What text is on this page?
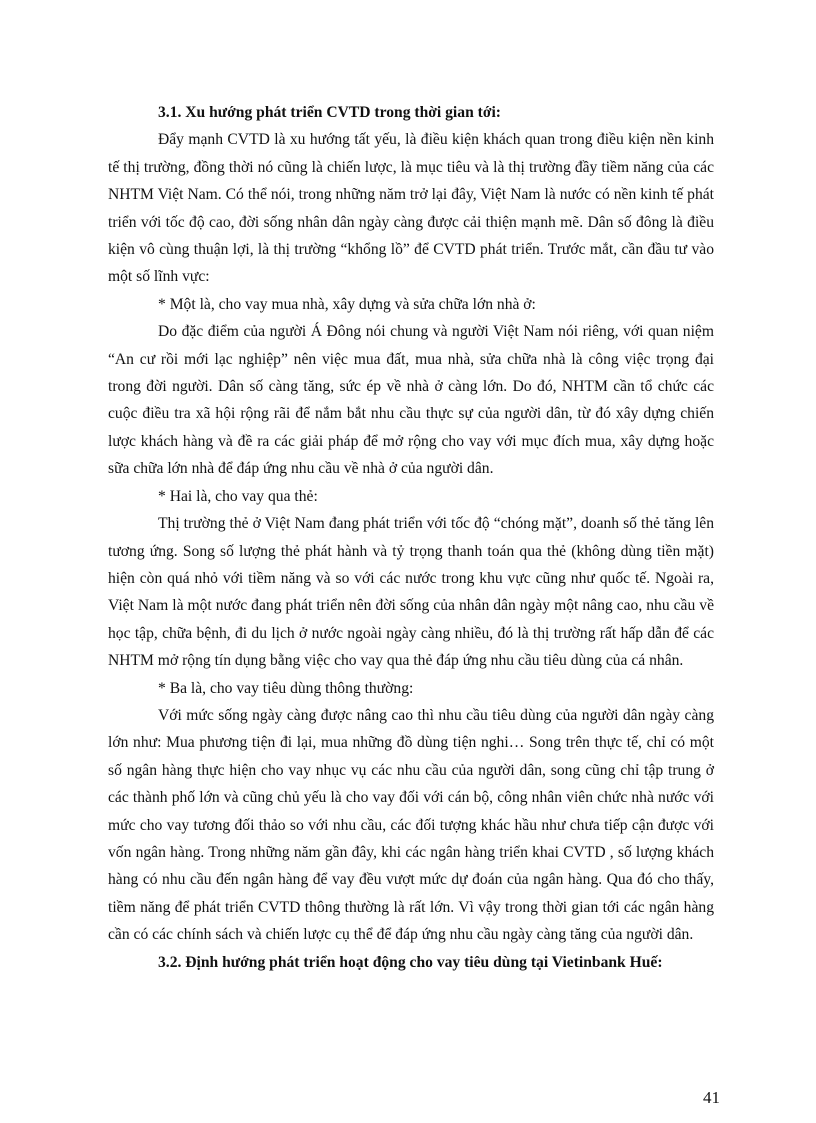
3.1. Xu hướng phát triển CVTD trong thời gian tới:

Đẩy mạnh CVTD là xu hướng tất yếu, là điều kiện khách quan trong điều kiện nền kinh tế thị trường, đồng thời nó cũng là chiến lược, là mục tiêu và là thị trường đầy tiềm năng của các NHTM Việt Nam. Có thể nói, trong những năm trở lại đây, Việt Nam là nước có nền kinh tế phát triển với tốc độ cao, đời sống nhân dân ngày càng được cải thiện mạnh mẽ. Dân số đông là điều kiện vô cùng thuận lợi, là thị trường “khổng lồ” để CVTD phát triển. Trước mắt, cần đầu tư vào một số lĩnh vực:

* Một là, cho vay mua nhà, xây dựng và sửa chữa lớn nhà ở:

Do đặc điểm của người Á Đông nói chung và người Việt Nam nói riêng, với quan niệm “An cư rồi mới lạc nghiệp” nên việc mua đất, mua nhà, sửa chữa nhà là công việc trọng đại trong đời người. Dân số càng tăng, sức ép về nhà ở càng lớn. Do đó, NHTM cần tổ chức các cuộc điều tra xã hội rộng rãi để nắm bắt nhu cầu thực sự của người dân, từ đó xây dựng chiến lược khách hàng và đề ra các giải pháp để mở rộng cho vay với mục đích mua, xây dựng hoặc sữa chữa lớn nhà để đáp ứng nhu cầu về nhà ở của người dân.

* Hai là, cho vay qua thẻ:

Thị trường thẻ ở Việt Nam đang phát triển với tốc độ “chóng mặt”, doanh số thẻ tăng lên tương ứng. Song số lượng thẻ phát hành và tỷ trọng thanh toán qua thẻ (không dùng tiền mặt) hiện còn quá nhỏ với tiềm năng và so với các nước trong khu vực cũng như quốc tế. Ngoài ra, Việt Nam là một nước đang phát triển nên đời sống của nhân dân ngày một nâng cao, nhu cầu về học tập, chữa bệnh, đi du lịch ở nước ngoài ngày càng nhiều, đó là thị trường rất hấp dẫn để các NHTM mở rộng tín dụng bằng việc cho vay qua thẻ đáp ứng nhu cầu tiêu dùng của cá nhân.

* Ba là, cho vay tiêu dùng thông thường:

Với mức sống ngày càng được nâng cao thì nhu cầu tiêu dùng của người dân ngày càng lớn như: Mua phương tiện đi lại, mua những đồ dùng tiện nghi… Song trên thực tế, chỉ có một số ngân hàng thực hiện cho vay nhục vụ các nhu cầu của người dân, song cũng chỉ tập trung ở các thành phố lớn và cũng chủ yếu là cho vay đối với cán bộ, công nhân viên chức nhà nước với mức cho vay tương đối thảo so với nhu cầu, các đối tượng khác hầu như chưa tiếp cận được với vốn ngân hàng. Trong những năm gần đây, khi các ngân hàng triển khai CVTD , số lượng khách hàng có nhu cầu đến ngân hàng để vay đều vượt mức dự đoán của ngân hàng. Qua đó cho thấy, tiềm năng để phát triển CVTD thông thường là rất lớn. Vì vậy trong thời gian tới các ngân hàng cần có các chính sách và chiến lược cụ thể để đáp ứng nhu cầu ngày càng tăng của người dân.

3.2. Định hướng phát triển hoạt động cho vay tiêu dùng tại Vietinbank Huế:

41
